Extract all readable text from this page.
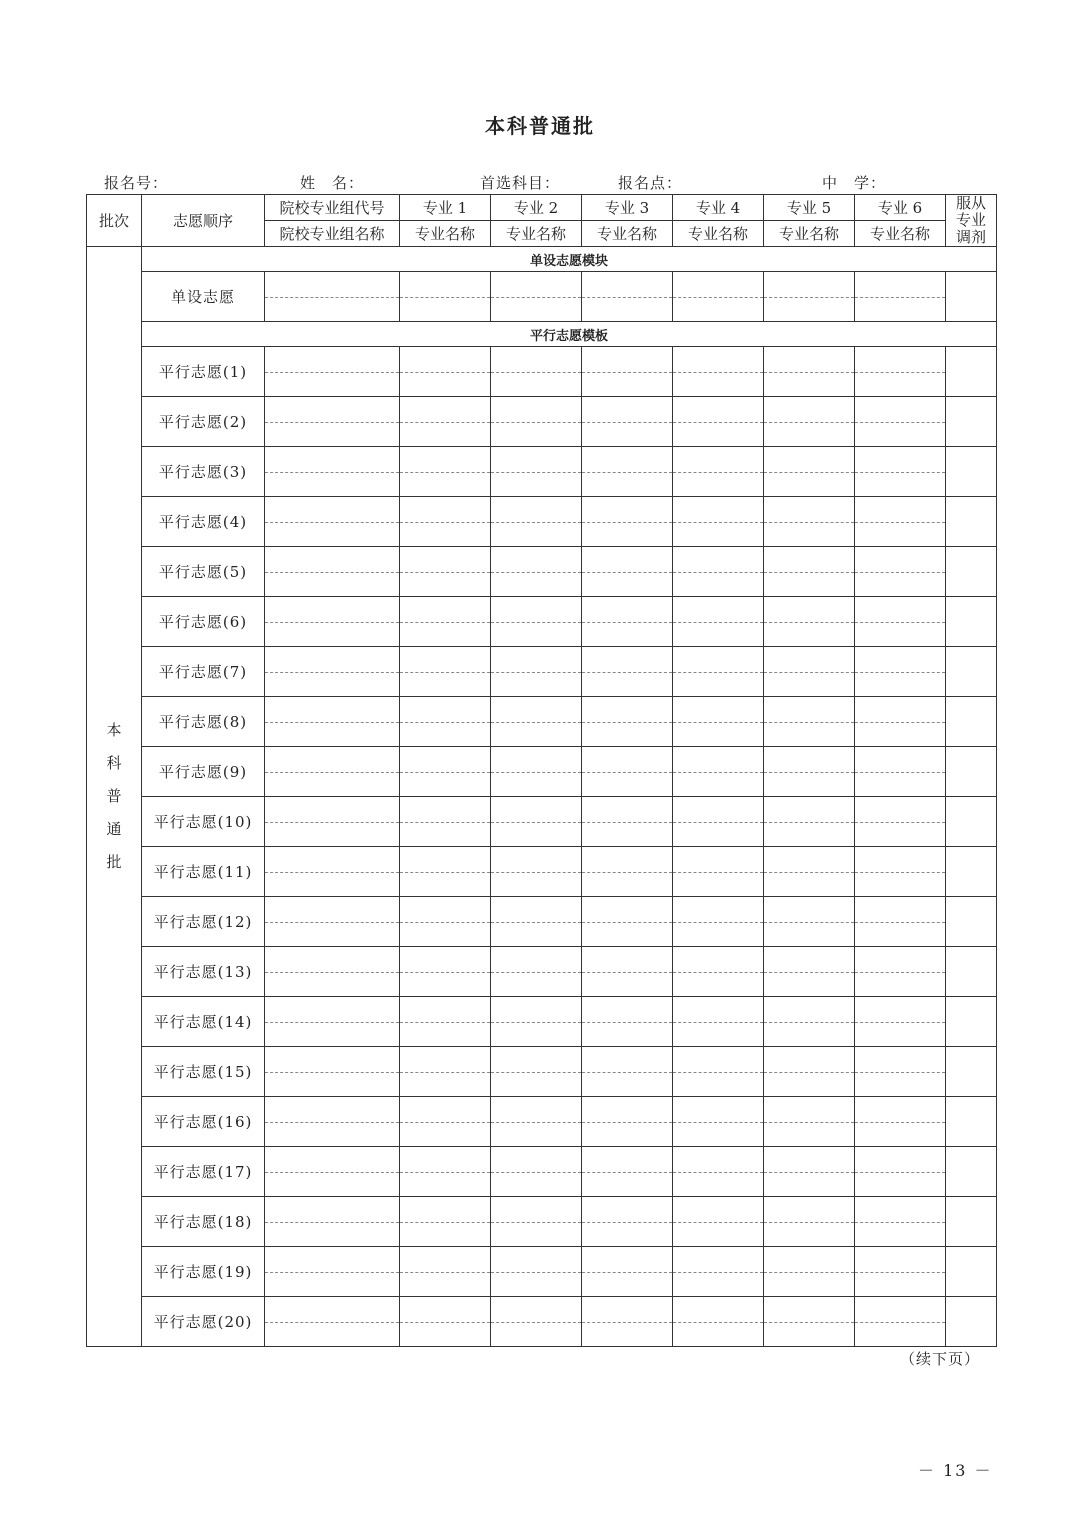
本科普通批
报名号：	姓　名：	首选科目：	报名点：	中　学：
批次	志愿顺序	院校专业组代号	专业 1	专业 2	专业 3	专业 4	专业 5	专业 6	服从
专业
调剂

		院校专业组名称	专业名称	专业名称	专业名称	专业名称	专业名称	专业名称	

本
科
普
通
批	单设志愿模块								
	单设志愿	

	平行志愿模板								
	平行志愿(1)	

	平行志愿(2)	

	平行志愿(3)	

	平行志愿(4)	

	平行志愿(5)	

	平行志愿(6)	

	平行志愿(7)	

	平行志愿(8)	

	平行志愿(9)	

	平行志愿(10)	

	平行志愿(11)	

	平行志愿(12)	

	平行志愿(13)	

	平行志愿(14)	

	平行志愿(15)	

	平行志愿(16)	

	平行志愿(17)	

	平行志愿(18)	

	平行志愿(19)	

	平行志愿(20)	

（续下页）
－ 13 －
